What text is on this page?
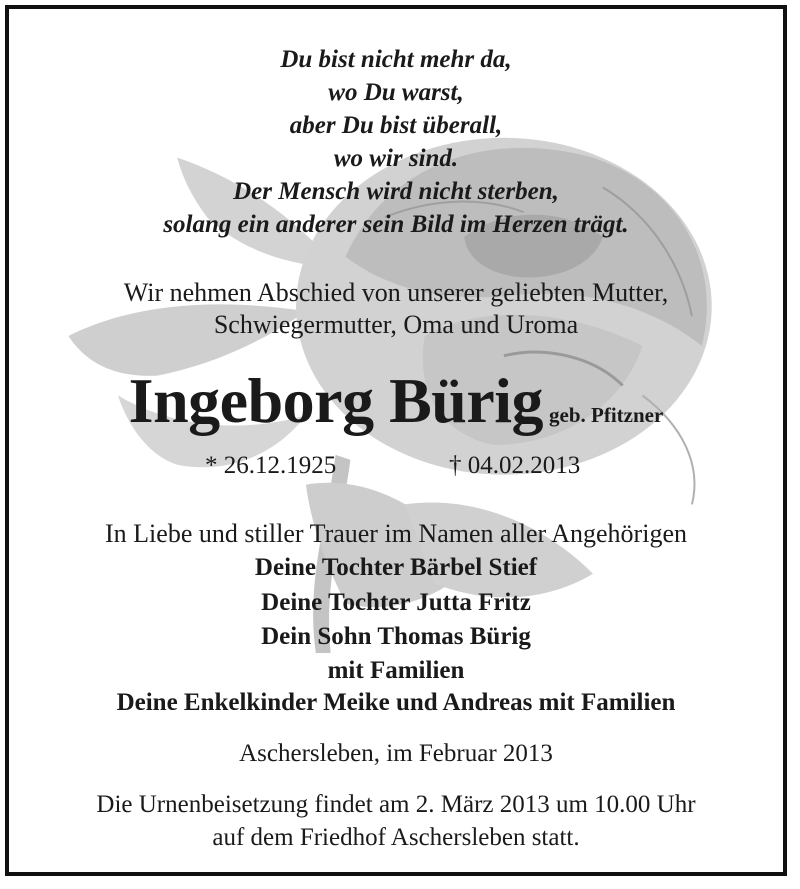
Du bist nicht mehr da,
wo Du warst,
aber Du bist überall,
wo wir sind.
Der Mensch wird nicht sterben,
solang ein anderer sein Bild im Herzen trägt.
Wir nehmen Abschied von unserer geliebten Mutter,
Schwiegermutter, Oma und Uroma
Ingeborg Bürig geb. Pfitzner
* 26.12.1925	† 04.02.2013
In Liebe und stiller Trauer im Namen aller Angehörigen
Deine Tochter Bärbel Stief
Deine Tochter Jutta Fritz
Dein Sohn Thomas Bürig
mit Familien
Deine Enkelkinder Meike und Andreas mit Familien
Aschersleben, im Februar 2013
Die Urnenbeisetzung findet am 2. März 2013 um 10.00 Uhr
auf dem Friedhof Aschersleben statt.
